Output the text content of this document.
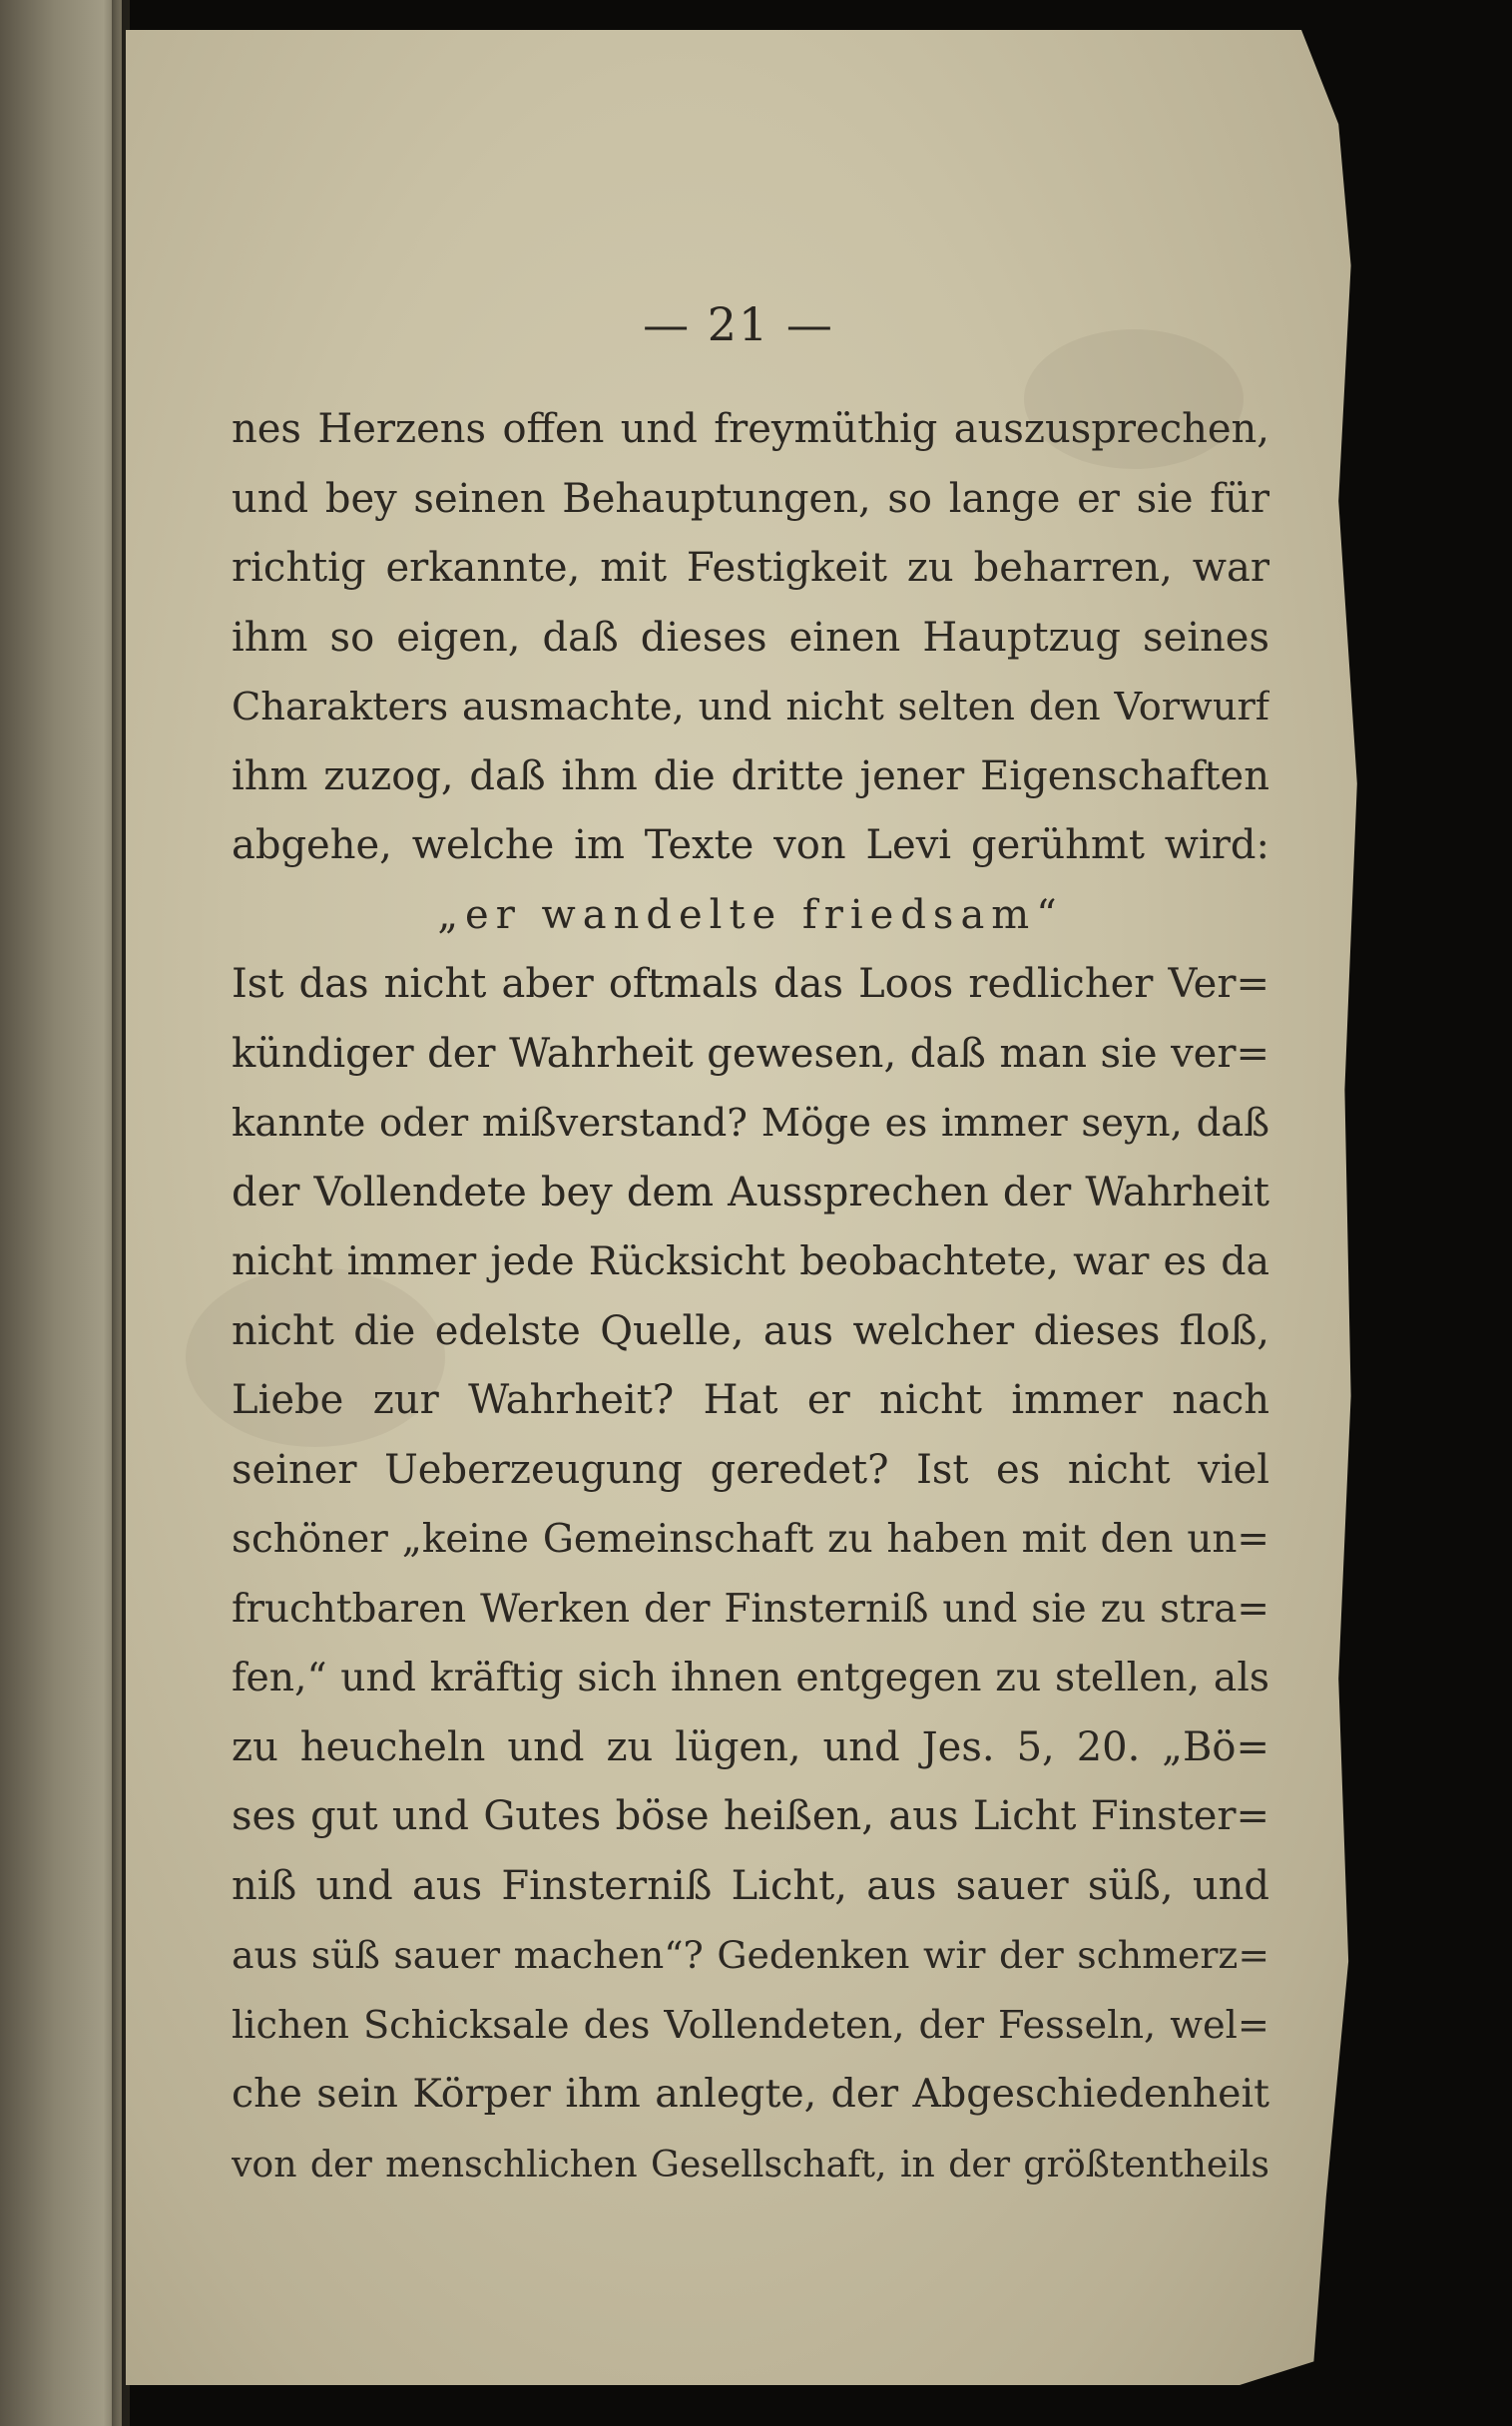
— 21 —
nes Herzens offen und freymüthig auszusprechen,
und bey seinen Behauptungen, so lange er sie für
richtig erkannte, mit Festigkeit zu beharren, war
ihm so eigen, daß dieses einen Hauptzug seines
Charakters ausmachte, und nicht selten den Vorwurf
ihm zuzog, daß ihm die dritte jener Eigenschaften
abgehe, welche im Texte von Levi gerühmt wird:
„er wandelte friedsam“
Ist das nicht aber oftmals das Loos redlicher Ver=
kündiger der Wahrheit gewesen, daß man sie ver=
kannte oder mißverstand? Möge es immer seyn, daß
der Vollendete bey dem Aussprechen der Wahrheit
nicht immer jede Rücksicht beobachtete, war es da
nicht die edelste Quelle, aus welcher dieses floß,
Liebe zur Wahrheit? Hat er nicht immer nach
seiner Ueberzeugung geredet? Ist es nicht viel
schöner „keine Gemeinschaft zu haben mit den un=
fruchtbaren Werken der Finsterniß und sie zu stra=
fen,“ und kräftig sich ihnen entgegen zu stellen, als
zu heucheln und zu lügen, und Jes. 5, 20. „Bö=
ses gut und Gutes böse heißen, aus Licht Finster=
niß und aus Finsterniß Licht, aus sauer süß, und
aus süß sauer machen“? Gedenken wir der schmerz=
lichen Schicksale des Vollendeten, der Fesseln, wel=
che sein Körper ihm anlegte, der Abgeschiedenheit
von der menschlichen Gesellschaft, in der größtentheils
